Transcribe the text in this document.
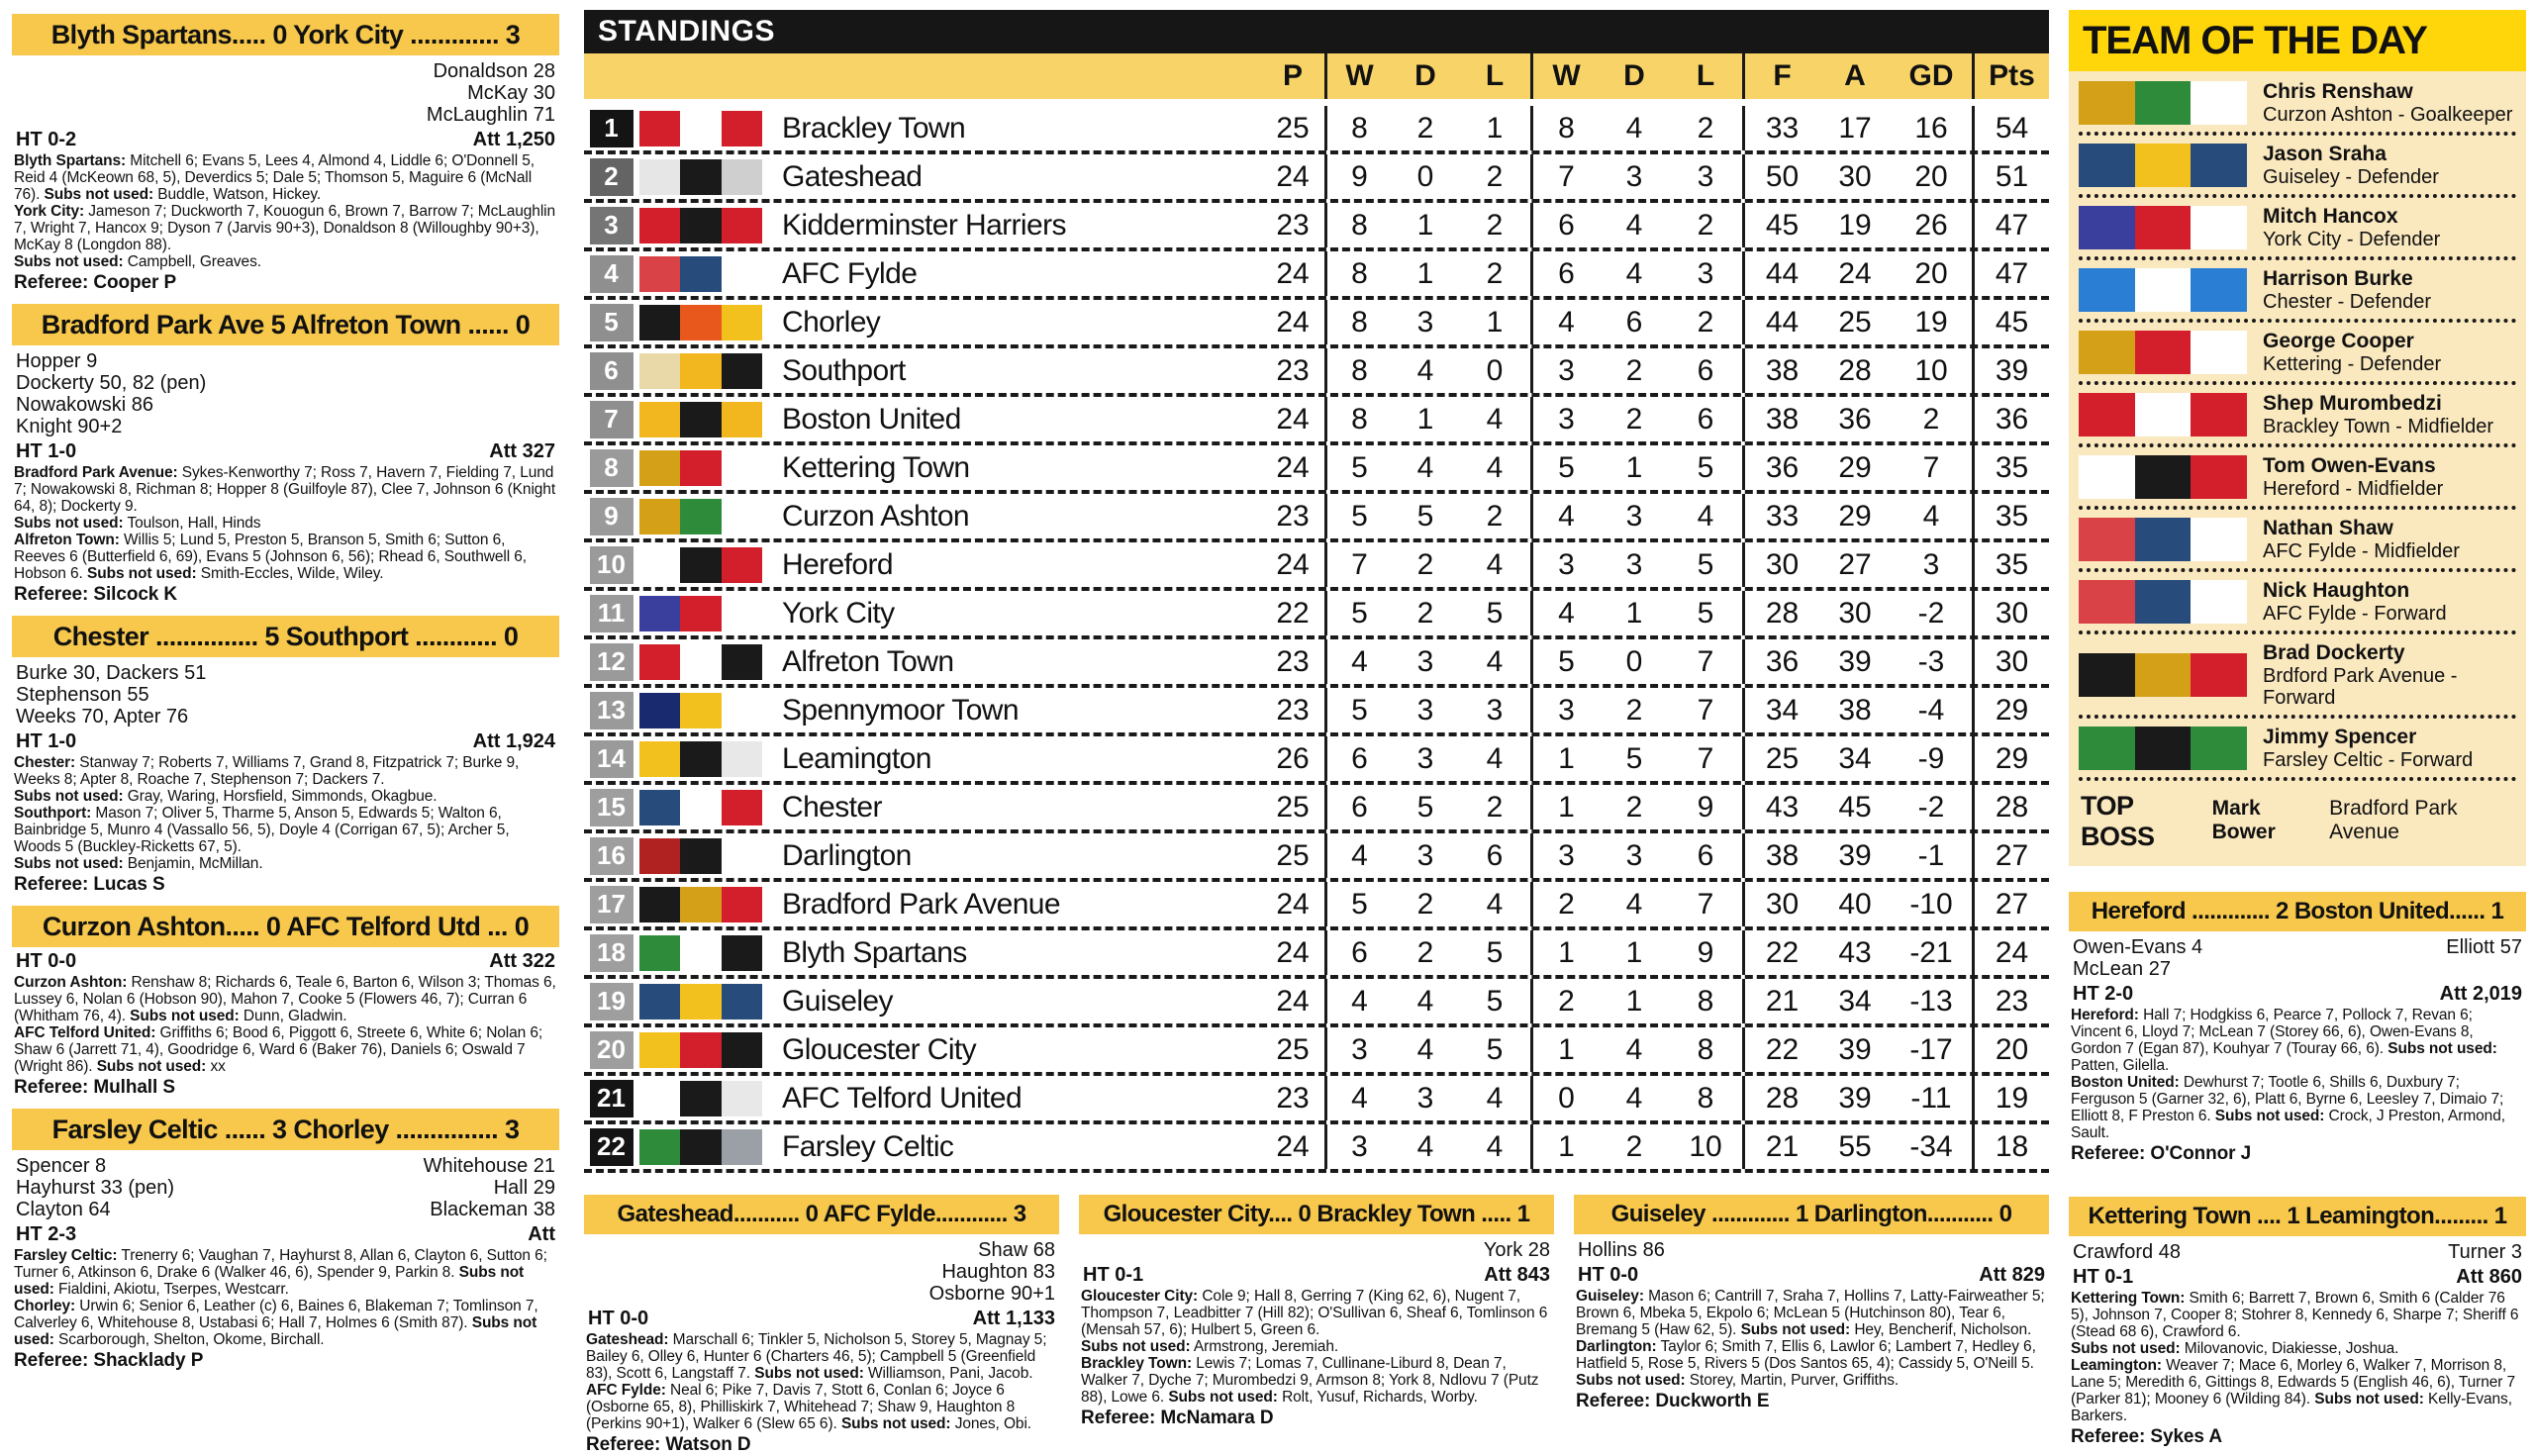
Blyth Spartans..... 0 York City ............. 3
Donaldson 28
McKay 30
McLaughlin 71
HT 0-2	Att 1,250

Blyth Spartans: Mitchell 6; Evans 5, Lees 4, Almond 4, Liddle 6; O'Donnell 5, Reid 4 (McKeown 68, 5), Deverdics 5; Dale 5; Thomson 5, Maguire 6 (McNall 76). Subs not used: Buddle, Watson, Hickey.

York City: Jameson 7; Duckworth 7, Kouogun 6, Brown 7, Barrow 7; McLaughlin 7, Wright 7, Hancox 9; Dyson 7 (Jarvis 90+3), Donaldson 8 (Willoughby 90+3), McKay 8 (Longdon 88).

Subs not used: Campbell, Greaves.

Referee: Cooper P

Bradford Park Ave 5 Alfreton Town ...... 0
Hopper 9
Dockerty 50, 82 (pen)
Nowakowski 86
Knight 90+2
HT 1-0	Att 327

Bradford Park Avenue: Sykes-Kenworthy 7; Ross 7, Havern 7, Fielding 7, Lund 7; Nowakowski 8, Richman 8; Hopper 8 (Guilfoyle 87), Clee 7, Johnson 6 (Knight 64, 8); Dockerty 9.

Subs not used: Toulson, Hall, Hinds

Alfreton Town: Willis 5; Lund 5, Preston 5, Branson 5, Smith 6; Sutton 6, Reeves 6 (Butterfield 6, 69), Evans 5 (Johnson 6, 56); Rhead 6, Southwell 6, Hobson 6. Subs not used: Smith-Eccles, Wilde, Wiley.

Referee: Silcock K

Chester ............... 5 Southport ............ 0
Burke 30, Dackers 51
Stephenson 55
Weeks 70, Apter 76
HT 1-0	Att 1,924

Chester: Stanway 7; Roberts 7, Williams 7, Grand 8, Fitzpatrick 7; Burke 9, Weeks 8; Apter 8, Roache 7, Stephenson 7; Dackers 7.

Subs not used: Gray, Waring, Horsfield, Simmonds, Okagbue.

Southport: Mason 7; Oliver 5, Tharme 5, Anson 5, Edwards 5; Walton 6, Bainbridge 5, Munro 4 (Vassallo 56, 5), Doyle 4 (Corrigan 67, 5); Archer 5, Woods 5 (Buckley-Ricketts 67, 5).

Subs not used: Benjamin, McMillan.

Referee: Lucas S

Curzon Ashton..... 0 AFC Telford Utd ... 0
HT 0-0	Att 322

Curzon Ashton: Renshaw 8; Richards 6, Teale 6, Barton 6, Wilson 3; Thomas 6, Lussey 6, Nolan 6 (Hobson 90), Mahon 7, Cooke 5 (Flowers 46, 7); Curran 6 (Whitham 76, 4). Subs not used: Dunn, Gladwin.

AFC Telford United: Griffiths 6; Bood 6, Piggott 6, Streete 6, White 6; Nolan 6; Shaw 6 (Jarrett 71, 4), Goodridge 6, Ward 6 (Baker 76), Daniels 6; Oswald 7 (Wright 86). Subs not used: xx

Referee: Mulhall S

Farsley Celtic ...... 3 Chorley ............... 3
Spencer 8
Hayhurst 33 (pen)
Clayton 64
Whitehouse 21
Hall 29
Blackeman 38
HT 2-3	Att

Farsley Celtic: Trenerry 6; Vaughan 7, Hayhurst 8, Allan 6, Clayton 6, Sutton 6; Turner 6, Atkinson 6, Drake 6 (Walker 46, 6), Spender 9, Parkin 8. Subs not used: Fialdini, Akiotu, Tserpes, Westcarr.

Chorley: Urwin 6; Senior 6, Leather (c) 6, Baines 6, Blakeman 7; Tomlinson 7, Calverley 6, Whitehouse 8, Ustabasi 6; Hall 7, Holmes 6 (Smith 87). Subs not used: Scarborough, Shelton, Okome, Birchall.

Referee: Shacklady P

STANDINGS
P	W	D	L	W	D	L	F	A	GD	Pts
1	Brackley Town	25	8	2	1	8	4	2	33	17	16	54
2	Gateshead	24	9	0	2	7	3	3	50	30	20	51
3	Kidderminster Harriers	23	8	1	2	6	4	2	45	19	26	47
4	AFC Fylde	24	8	1	2	6	4	3	44	24	20	47
5	Chorley	24	8	3	1	4	6	2	44	25	19	45
6	Southport	23	8	4	0	3	2	6	38	28	10	39
7	Boston United	24	8	1	4	3	2	6	38	36	2	36
8	Kettering Town	24	5	4	4	5	1	5	36	29	7	35
9	Curzon Ashton	23	5	5	2	4	3	4	33	29	4	35
10	Hereford	24	7	2	4	3	3	5	30	27	3	35
11	York City	22	5	2	5	4	1	5	28	30	-2	30
12	Alfreton Town	23	4	3	4	5	0	7	36	39	-3	30
13	Spennymoor Town	23	5	3	3	3	2	7	34	38	-4	29
14	Leamington	26	6	3	4	1	5	7	25	34	-9	29
15	Chester	25	6	5	2	1	2	9	43	45	-2	28
16	Darlington	25	4	3	6	3	3	6	38	39	-1	27
17	Bradford Park Avenue	24	5	2	4	2	4	7	30	40	-10	27
18	Blyth Spartans	24	6	2	5	1	1	9	22	43	-21	24
19	Guiseley	24	4	4	5	2	1	8	21	34	-13	23
20	Gloucester City	25	3	4	5	1	4	8	22	39	-17	20
21	AFC Telford United	23	4	3	4	0	4	8	28	39	-11	19
22	Farsley Celtic	24	3	4	4	1	2	10	21	55	-34	18
Gateshead........... 0 AFC Fylde............ 3
Shaw 68
Haughton 83
Osborne 90+1
HT 0-0	Att 1,133

Gateshead: Marschall 6; Tinkler 5, Nicholson 5, Storey 5, Magnay 5; Bailey 6, Olley 6, Hunter 6 (Charters 46, 5); Campbell 5 (Greenfield 83), Scott 6, Langstaff 7. Subs not used: Williamson, Pani, Jacob.

AFC Fylde: Neal 6; Pike 7, Davis 7, Stott 6, Conlan 6; Joyce 6 (Osborne 65, 8), Philliskirk 7, Whitehead 7; Shaw 9, Haughton 8 (Perkins 90+1), Walker 6 (Slew 65 6). Subs not used: Jones, Obi.

Referee: Watson D

Gloucester City.... 0 Brackley Town ..... 1
York 28
HT 0-1	Att 843

Gloucester City: Cole 9; Hall 8, Gerring 7 (King 62, 6), Nugent 7, Thompson 7, Leadbitter 7 (Hill 82); O'Sullivan 6, Sheaf 6, Tomlinson 6 (Mensah 57, 6); Hulbert 5, Green 6.

Subs not used: Armstrong, Jeremiah.

Brackley Town: Lewis 7; Lomas 7, Cullinane-Liburd 8, Dean 7, Walker 7, Dyche 7; Murombedzi 9, Armson 8; York 8, Ndlovu 7 (Putz 88), Lowe 6. Subs not used: Rolt, Yusuf, Richards, Worby.

Referee: McNamara D

Guiseley ............. 1 Darlington........... 0
Hollins 86
HT 0-0	Att 829

Guiseley: Mason 6; Cantrill 7, Sraha 7, Hollins 7, Latty-Fairweather 5; Brown 6, Mbeka 5, Ekpolo 6; McLean 5 (Hutchinson 80), Tear 6, Bremang 5 (Haw 62, 5). Subs not used: Hey, Bencherif, Nicholson.

Darlington: Taylor 6; Smith 7, Ellis 6, Lawlor 6; Lambert 7, Hedley 6, Hatfield 5, Rose 5, Rivers 5 (Dos Santos 65, 4); Cassidy 5, O'Neill 5.

Subs not used: Storey, Martin, Purver, Griffiths.

Referee: Duckworth E

TEAM OF THE DAY
Chris Renshaw
Curzon Ashton - Goalkeeper
Jason Sraha
Guiseley - Defender
Mitch Hancox
York City - Defender
Harrison Burke
Chester - Defender
George Cooper
Kettering - Defender
Shep Murombedzi
Brackley Town - Midfielder
Tom Owen-Evans
Hereford - Midfielder
Nathan Shaw
AFC Fylde - Midfielder
Nick Haughton
AFC Fylde - Forward
Brad Dockerty
Brdford Park Avenue - Forward
Jimmy Spencer
Farsley Celtic - Forward
TOP BOSS
Mark Bower
Bradford Park Avenue
Hereford ............. 2 Boston United...... 1
Owen-Evans 4
McLean 27
Elliott 57
HT 2-0	Att 2,019

Hereford: Hall 7; Hodgkiss 6, Pearce 7, Pollock 7, Revan 6; Vincent 6, Lloyd 7; McLean 7 (Storey 66, 6), Owen-Evans 8, Gordon 7 (Egan 87), Kouhyar 7 (Touray 66, 6). Subs not used: Patten, Gilella.

Boston United: Dewhurst 7; Tootle 6, Shills 6, Duxbury 7; Ferguson 5 (Garner 32, 6), Platt 6, Byrne 6, Leesley 7, Dimaio 7; Elliott 8, F Preston 6. Subs not used: Crock, J Preston, Armond, Sault.

Referee: O'Connor J

Kettering Town .... 1 Leamington......... 1
Crawford 48	Turner 3
HT 0-1	Att 860

Kettering Town: Smith 6; Barrett 7, Brown 6, Smith 6 (Calder 76 5), Johnson 7, Cooper 8; Stohrer 8, Kennedy 6, Sharpe 7; Sheriff 6 (Stead 68 6), Crawford 6.

Subs not used: Milovanovic, Diakiesse, Joshua.

Leamington: Weaver 7; Mace 6, Morley 6, Walker 7, Morrison 8, Lane 5; Meredith 6, Gittings 8, Edwards 5 (English 46, 6), Turner 7 (Parker 81); Mooney 6 (Wilding 84). Subs not used: Kelly-Evans, Barkers.

Referee: Sykes A
